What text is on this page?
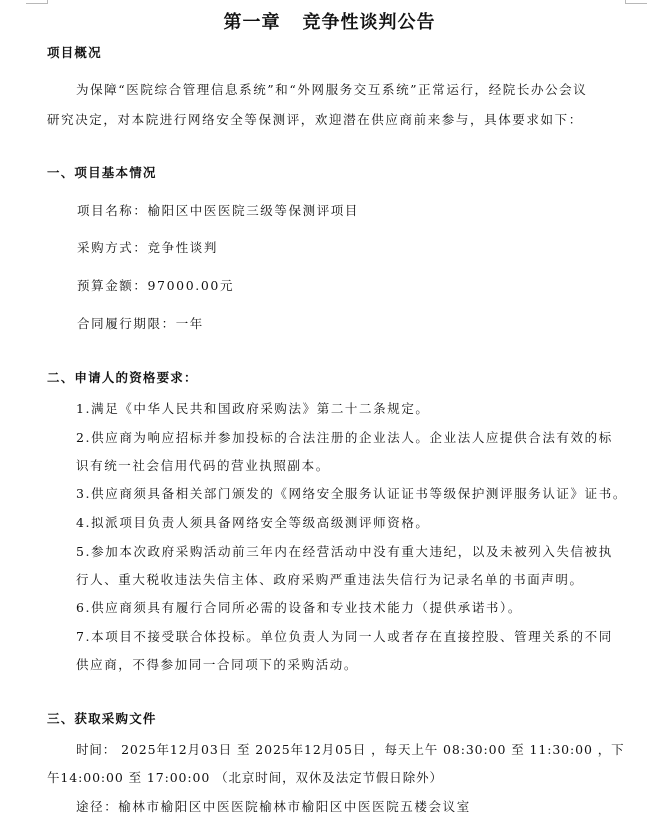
第一章 竞争性谈判公告
项目概况
为保障“医院综合管理信息系统”和“外网服务交互系统”正常运行，经院长办公会议
研究决定，对本院进行网络安全等保测评，欢迎潜在供应商前来参与，具体要求如下：
一、项目基本情况
项目名称：榆阳区中医医院三级等保测评项目
采购方式：竞争性谈判
预算金额：97000.00元
合同履行期限：一年
二、申请人的资格要求：
1.满足《中华人民共和国政府采购法》第二十二条规定。
2.供应商为响应招标并参加投标的合法注册的企业法人。企业法人应提供合法有效的标
识有统一社会信用代码的营业执照副本。
3.供应商须具备相关部门颁发的《网络安全服务认证证书等级保护测评服务认证》证书。
4.拟派项目负责人须具备网络安全等级高级测评师资格。
5.参加本次政府采购活动前三年内在经营活动中没有重大违纪，以及未被列入失信被执
行人、重大税收违法失信主体、政府采购严重违法失信行为记录名单的书面声明。
6.供应商须具有履行合同所必需的设备和专业技术能力（提供承诺书）。
7.本项目不接受联合体投标。单位负责人为同一人或者存在直接控股、管理关系的不同
供应商，不得参加同一合同项下的采购活动。
三、获取采购文件
时间： 2025年12月03日 至 2025年12月05日 ，每天上午 08:30:00 至 11:30:00 ，下
午14:00:00 至 17:00:00 （北京时间，双休及法定节假日除外）
途径：榆林市榆阳区中医医院榆林市榆阳区中医医院五楼会议室
